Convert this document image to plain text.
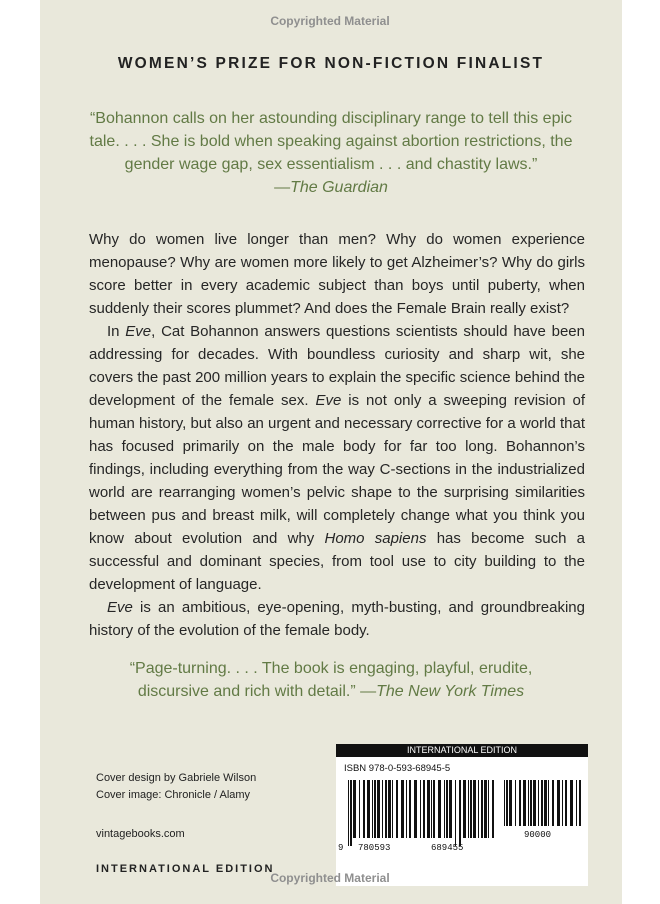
Copyrighted Material
WOMEN’S PRIZE FOR NON-FICTION FINALIST
“Bohannon calls on her astounding disciplinary range to tell this epic
tale. . . . She is bold when speaking against abortion restrictions, the
gender wage gap, sex essentialism . . . and chastity laws.”
—The Guardian

Why do women live longer than men? Why do women experience menopause? Why are women more likely to get Alzheimer’s? Why do girls score better in every academic subject than boys until puberty, when suddenly their scores plummet? And does the Female Brain really exist?

In Eve, Cat Bohannon answers questions scientists should have been addressing for decades. With boundless curiosity and sharp wit, she covers the past 200 million years to explain the specific science behind the development of the female sex. Eve is not only a sweeping revision of human history, but also an urgent and necessary corrective for a world that has focused primarily on the male body for far too long. Bohannon’s findings, including everything from the way C-sections in the industrialized world are rearranging women’s pelvic shape to the surprising similarities between pus and breast milk, will completely change what you think you know about evolution and why Homo sapiens has become such a successful and dominant species, from tool use to city building to the development of language.

Eve is an ambitious, eye-opening, myth-busting, and groundbreaking history of the evolution of the female body.

“Page-turning. . . . The book is engaging, playful, erudite,
discursive and rich with detail.” —The New York Times
Cover design by Gabriele Wilson
Cover image: Chronicle / Alamy
vintagebooks.com
INTERNATIONAL EDITION
INTERNATIONAL EDITION
ISBN 978-0-593-68945-5
9 780593	689455
90000
Copyrighted Material
